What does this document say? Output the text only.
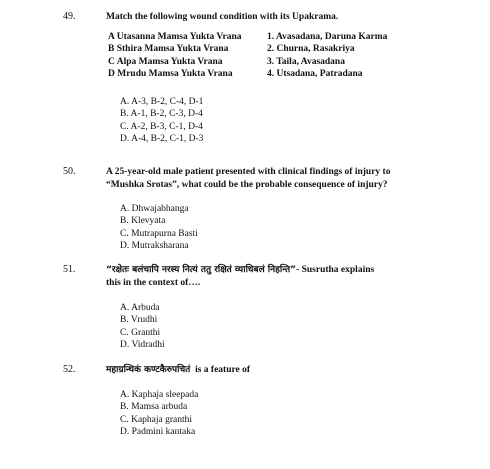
49.	Match the following wound condition with its Upakrama.
A Utasanna Mamsa Yukta Vrana	1. Avasadana, Daruna Karma
B Sthira Mamsa Yukta Vrana	2. Churna, Rasakriya
C Alpa Mamsa Yukta Vrana	3. Taila, Avasadana
D Mrudu Mamsa Yukta Vrana	4. Utsadana, Patradana
A. A-3, B-2, C-4, D-1
B. A-1, B-2, C-3, D-4
C. A-2, B-3, C-1, D-4
D. A-4, B-2, C-1, D-3
50.	A 25-year-old male patient presented with clinical findings of injury to
“Mushka Srotas”, what could be the probable consequence of injury?
A. Dhwajabhanga
B. Klevyata
C. Mutrapurna Basti
D. Mutraksharana
51.	“रक्षेतः बलंचापि नरस्य नित्यं ततु रक्षितं व्याधिबलं निहन्ति”- Susrutha explains
this in the context of….
A. Arbuda
B. Vrudhi
C. Granthi
D. Vidradhi
52.	महाग्रन्थिकं कण्टकैरुपचितं  is a feature of
A. Kaphaja sleepada
B. Mamsa arbuda
C. Kaphaja granthi
D. Padmini kantaka
